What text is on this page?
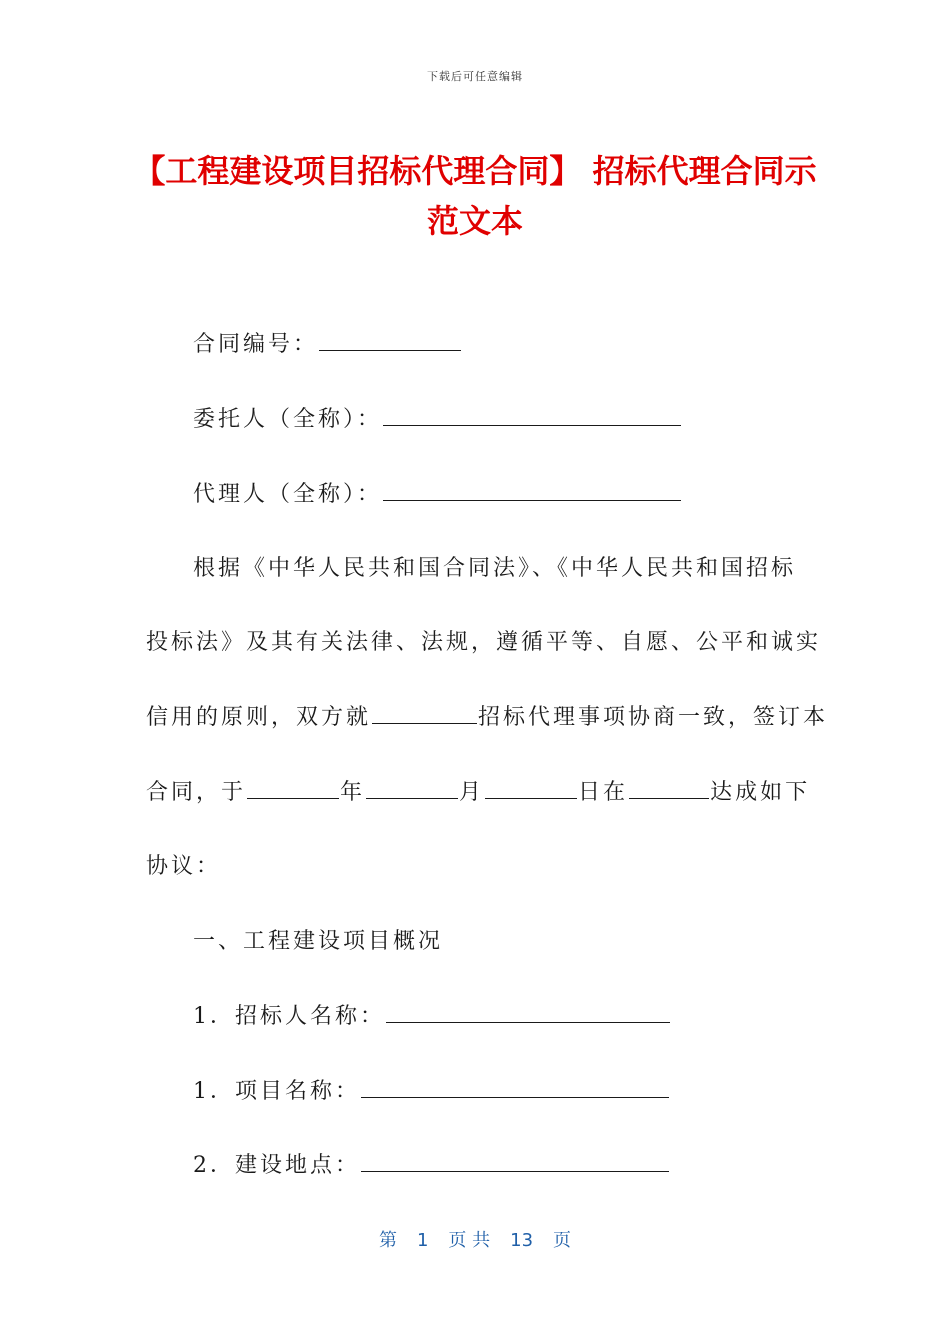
下载后可任意编辑
【工程建设项目招标代理合同】 招标代理合同示范文本
合同编号：
委托人（全称）：
代理人（全称）：
根据《中华人民共和国合同法》、《中华人民共和国招标
投标法》及其有关法律、法规，遵循平等、自愿、公平和诚实
信用的原则，双方就	招标代理事项协商一致，签订本
合同，于	年	月	日在	达成如下
协议：
一、工程建设项目概况
1．招标人名称：
1．项目名称：
2．建设地点：
第 1 页 共 13 页
